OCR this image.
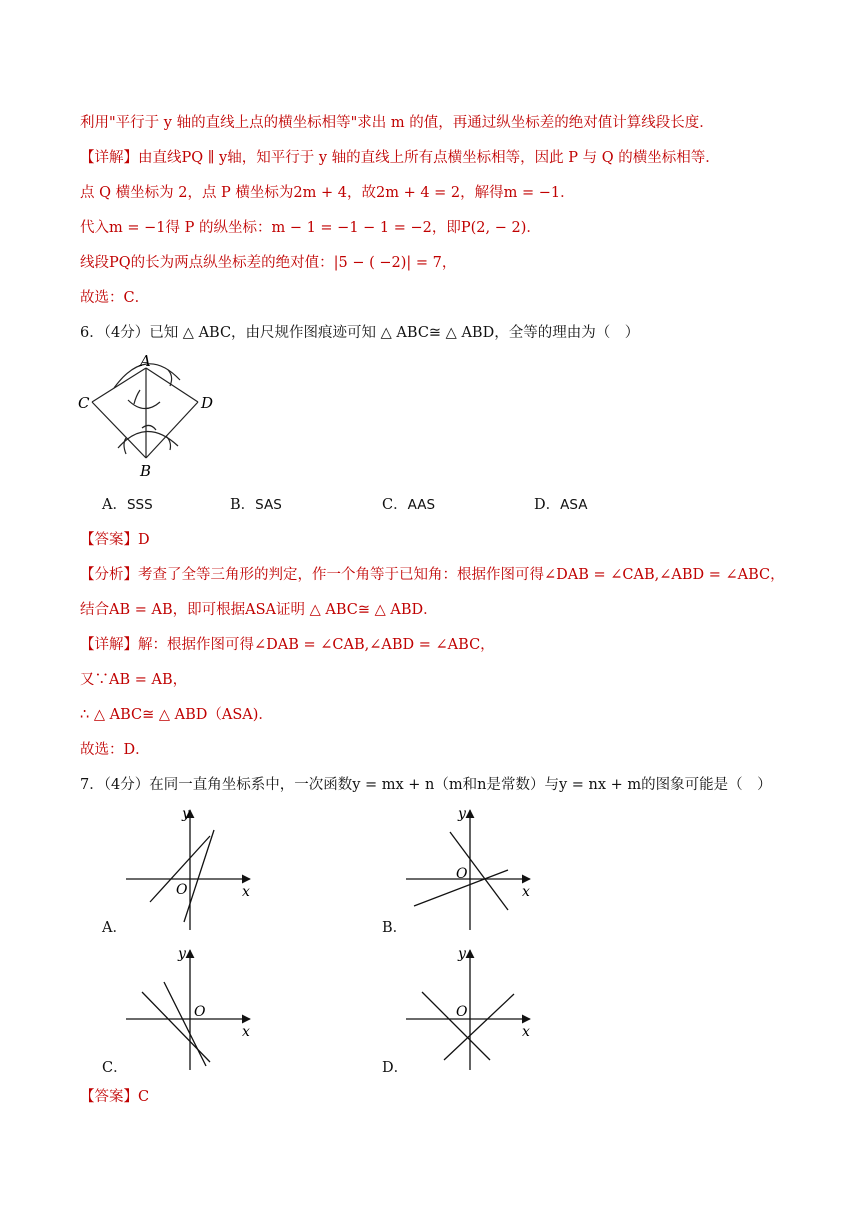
利用"平行于 y 轴的直线上点的横坐标相等"求出 m 的值，再通过纵坐标差的绝对值计算线段长度．
【详解】由直线PQ ∥ y轴，知平行于 y 轴的直线上所有点横坐标相等，因此 P 与 Q 的横坐标相等．
点 Q 横坐标为 2，点 P 横坐标为2m + 4，故2m + 4 = 2，解得m = −1．
代入m = −1得 P 的纵坐标：m − 1 = −1 − 1 = −2，即P(2, − 2)．
线段PQ的长为两点纵坐标差的绝对值：|5 − ( −2)| = 7，
故选：C．
6．（4分）已知 △ ABC，由尺规作图痕迹可知 △ ABC≅ △ ABD，全等的理由为（　）
A
C	D
B
A．SSS	B．SAS	C．AAS	D．ASA
【答案】D
【分析】考查了全等三角形的判定，作一个角等于已知角：根据作图可得∠DAB = ∠CAB,∠ABD = ∠ABC，
结合AB = AB，即可根据ASA证明 △ ABC≅ △ ABD．
【详解】解：根据作图可得∠DAB = ∠CAB,∠ABD = ∠ABC，
又∵AB = AB，
∴ △ ABC≅ △ ABD（ASA)．
故选：D．
7．（4分）在同一直角坐标系中，一次函数y = mx + n（m和n是常数）与y = nx + m的图象可能是（　）
y
x
O
A．
y
x
O
B．
y
x
O
C．
y
x
O
D．
【答案】C
